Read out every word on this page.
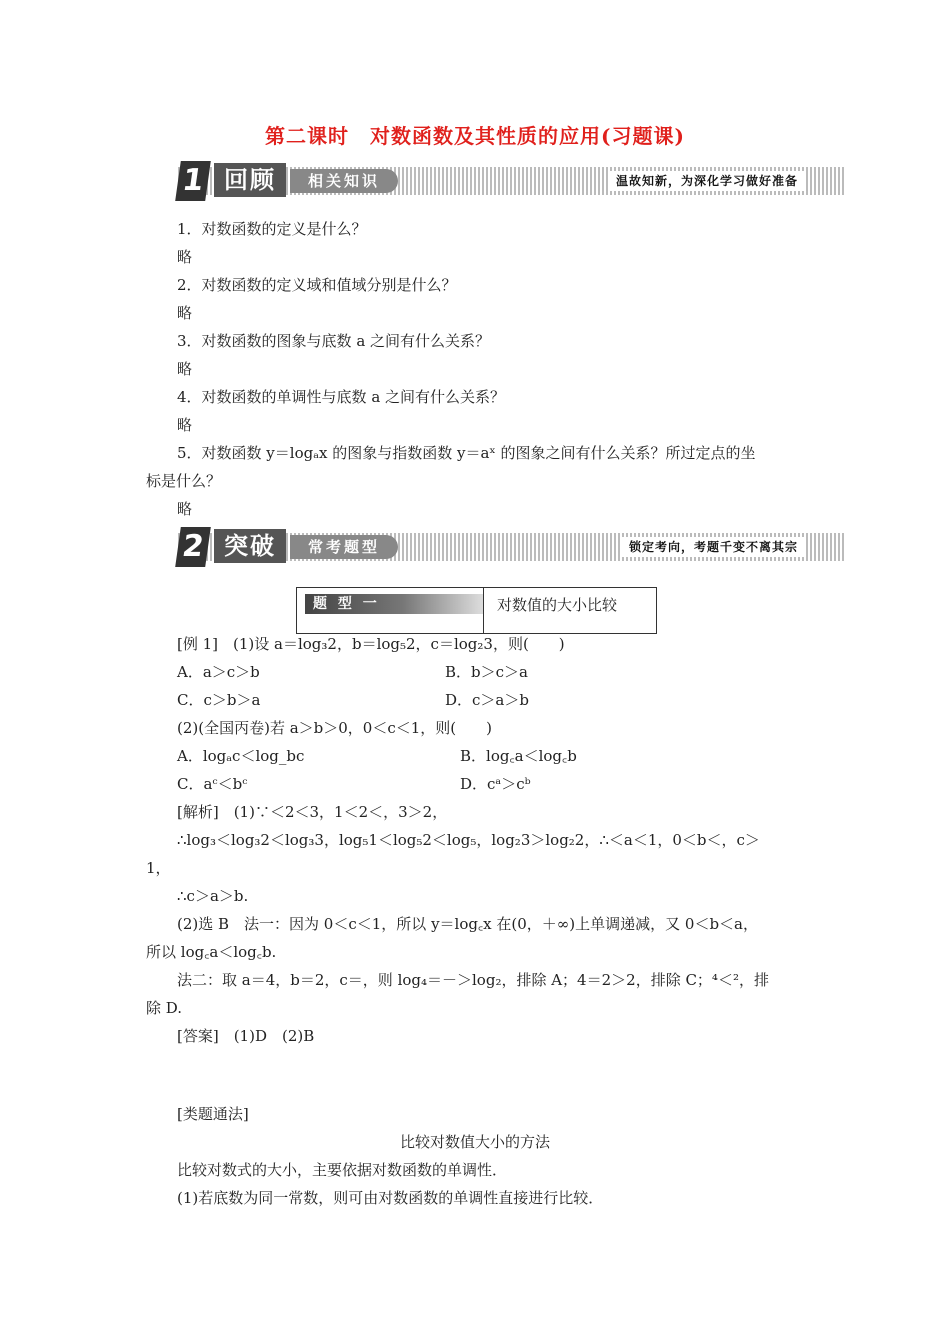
第二课时　对数函数及其性质的应用(习题课)
1 回顾	相关知识	温故知新，为深化学习做好准备
1．对数函数的定义是什么？
略
2．对数函数的定义域和值域分别是什么？
略
3．对数函数的图象与底数 a 之间有什么关系？
略
4．对数函数的单调性与底数 a 之间有什么关系？
略
5．对数函数 y＝logₐx 的图象与指数函数 y＝aˣ 的图象之间有什么关系？所过定点的坐
标是什么？
略
2 突破	常考题型	锁定考向，考题千变不离其宗
题 型 一	对数值的大小比较
[例 1]　(1)设 a＝log₃2，b＝log₅2，c＝log₂3，则(　　)
A．a＞c＞b	B．b＞c＞a
C．c＞b＞a	D．c＞a＞b
(2)(全国丙卷)若 a＞b＞0，0＜c＜1，则(　　)
A．logₐc＜log_bc	B．log꜀a＜log꜀b
C．aᶜ＜bᶜ	D．cᵃ＞cᵇ
[解析]　(1)∵＜2＜3，1＜2＜，3＞2，
∴log₃＜log₃2＜log₃3，log₅1＜log₅2＜log₅，log₂3＞log₂2，∴＜a＜1，0＜b＜，c＞
1，
∴c＞a＞b.
(2)选 B　法一：因为 0＜c＜1，所以 y＝log꜀x 在(0，＋∞)上单调递减，又 0＜b＜a，
所以 log꜀a＜log꜀b.
法二：取 a＝4，b＝2，c＝，则 log₄＝－＞log₂，排除 A；4＝2＞2，排除 C；⁴＜²，排
除 D.
[答案]　(1)D　(2)B
[类题通法]
比较对数值大小的方法
比较对数式的大小，主要依据对数函数的单调性．
(1)若底数为同一常数，则可由对数函数的单调性直接进行比较．
